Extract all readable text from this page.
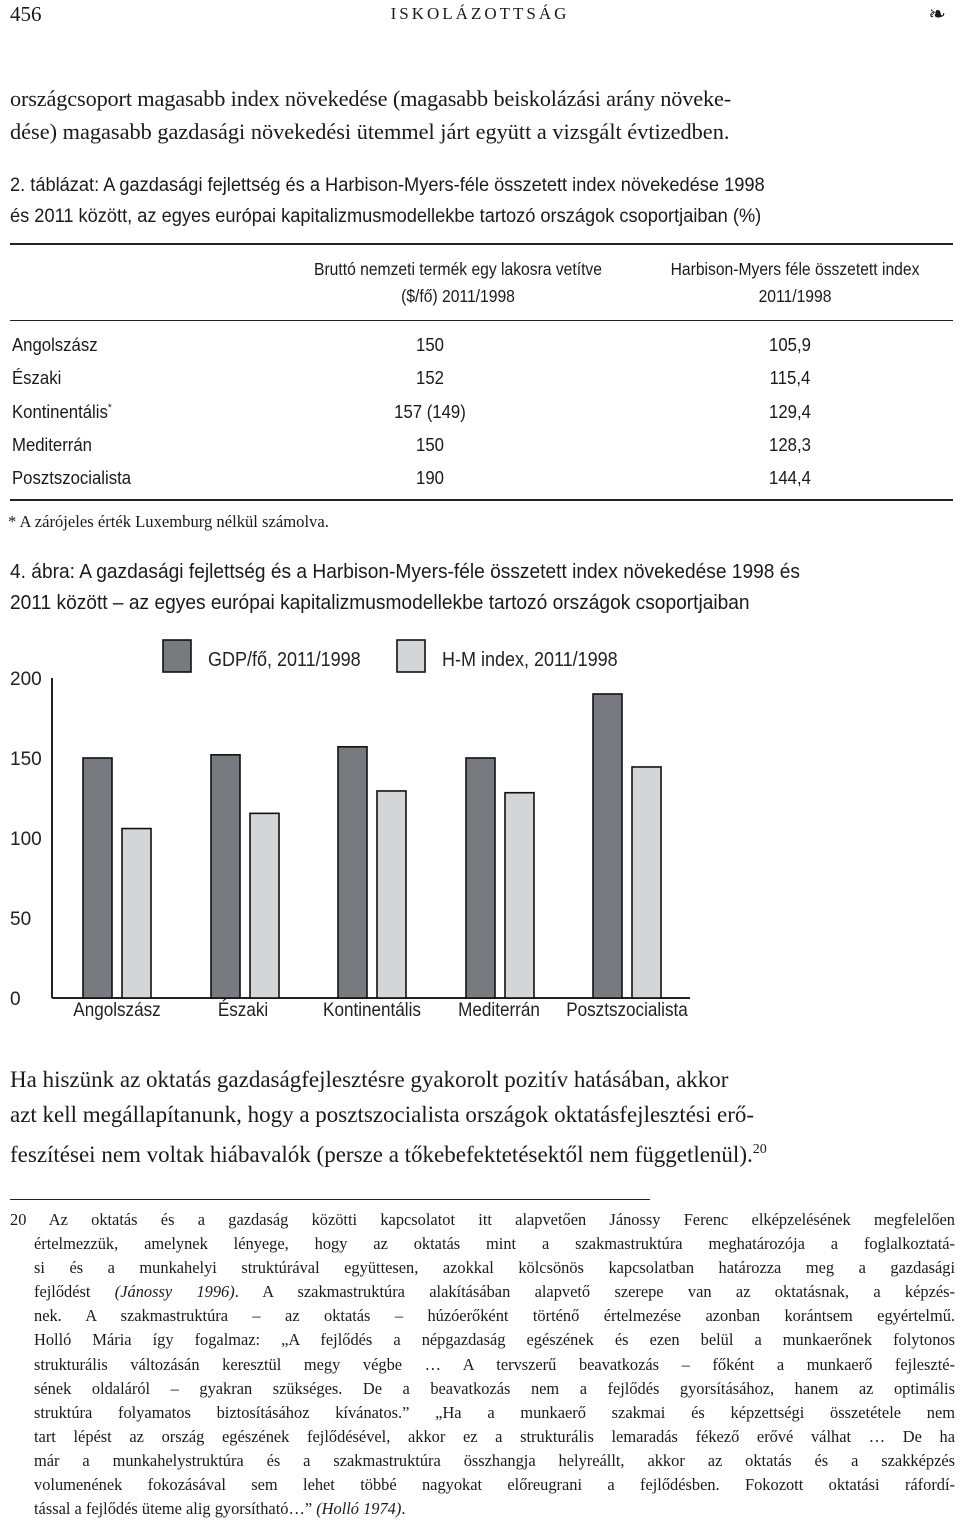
456	ISKOLÁZOTTSÁG	❧
országcsoport magasabb index növekedése (magasabb beiskolázási arány növeke-
dése) magasabb gazdasági növekedési ütemmel járt együtt a vizsgált évtizedben.
2. táblázat: A gazdasági fejlettség és a Harbison-Myers-féle összetett index növekedése 1998
és 2011 között, az egyes európai kapitalizmusmodellekbe tartozó országok csoportjaiban (%)
Bruttó nemzeti termék egy lakosra vetítve
($/fő) 2011/1998
Harbison-Myers féle összetett index
2011/1998
Angolszász	150	105,9
Északi	152	115,4
Kontinentális*	157 (149)	129,4
Mediterrán	150	128,3
Posztszocialista	190	144,4
* A zárójeles érték Luxemburg nélkül számolva.
4. ábra: A gazdasági fejlettség és a Harbison-Myers-féle összetett index növekedése 1998 és
2011 között – az egyes európai kapitalizmusmodellekbe tartozó országok csoportjaiban
GDP/fő, 2011/1998	H-M index, 2011/1998
0
50
100
150
200
Angolszász	Északi	Kontinentális Mediterrán Posztszocialista
Ha hiszünk az oktatás gazdaságfejlesztésre gyakorolt pozitív hatásában, akkor
azt kell megállapítanunk, hogy a posztszocialista országok oktatásfejlesztési erő-
feszítései nem voltak hiábavalók (persze a tőkebefektetésektől nem függetlenül).$^{20}$
20 Az oktatás és a gazdaság közötti kapcsolatot itt alapvetően Jánossy Ferenc elképzelésének megfelelően
értelmezzük, amelynek lényege, hogy az oktatás mint a szakmastruktúra meghatározója a foglalkoztatá-
si és a munkahelyi struktúrával együttesen, azokkal kölcsönös kapcsolatban határozza meg a gazdasági
fejlődést (Jánossy 1996). A szakmastruktúra alakításában alapvető szerepe van az oktatásnak, a képzés-
nek. A szakmastruktúra – az oktatás – húzóerőként történő értelmezése azonban korántsem egyértelmű.
Holló Mária így fogalmaz: „A fejlődés a népgazdaság egészének és ezen belül a munkaerőnek folytonos
strukturális változásán keresztül megy végbe … A tervszerű beavatkozás – főként a munkaerő fejleszté-
sének oldaláról – gyakran szükséges. De a beavatkozás nem a fejlődés gyorsításához, hanem az optimális
struktúra folyamatos biztosításához kívánatos.” „Ha a munkaerő szakmai és képzettségi összetétele nem
tart lépést az ország egészének fejlődésével, akkor ez a strukturális lemaradás fékező erővé válhat … De ha
már a munkahelystruktúra és a szakmastruktúra összhangja helyreállt, akkor az oktatás és a szakképzés
volumenének fokozásával sem lehet többé nagyokat előreugrani a fejlődésben. Fokozott oktatási ráfordí-
tással a fejlődés üteme alig gyorsítható…” (Holló 1974).
